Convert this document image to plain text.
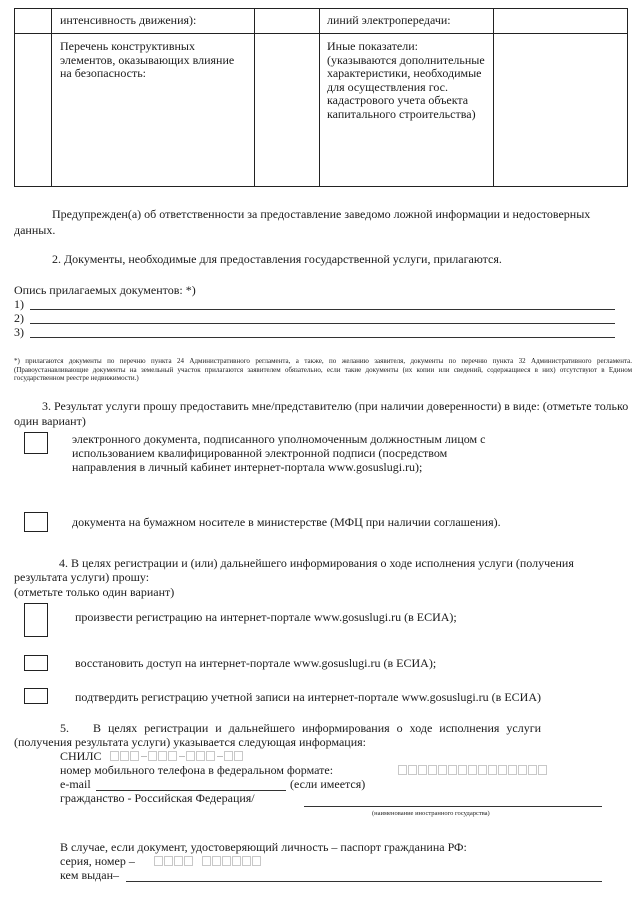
интенсивность движения):	линий электропередачи:
Перечень конструктивных элементов, оказывающих влияние на безопасность:
Иные показатели: (указываются дополнительные характеристики, необходимые для осуществления гос. кадастрового учета объекта капитального строительства)
Предупрежден(а) об ответственности за предоставление заведомо ложной информации и недостоверных данных.
2. Документы, необходимые для предоставления государственной услуги, прилагаются.
Опись прилагаемых документов: *)
1)
2)
3)
*) прилагаются документы по перечню пункта 24 Административного регламента, а также, по желанию заявителя, документы по перечню пункта 32 Административного регламента. (Правоустанавливающие документы на земельный участок прилагаются заявителем обязательно, если такие документы (их копии или сведений, содержащиеся в них) отсутствуют в Едином государственном реестре недвижимости.)
3. Результат услуги прошу предоставить мне/представителю (при наличии доверенности) в виде: (отметьте только один вариант)
электронного документа, подписанного уполномоченным должностным лицом с использованием квалифицированной электронной подписи (посредством направления в личный кабинет интернет-портала www.gosuslugi.ru);
документа на бумажном носителе в министерстве (МФЦ при наличии соглашения).
4. В целях регистрации и (или) дальнейшего информирования о ходе исполнения услуги (получения результата услуги) прошу:
(отметьте только один вариант)
произвести регистрацию на интернет-портале www.gosuslugi.ru (в ЕСИА);
восстановить доступ на интернет-портале www.gosuslugi.ru (в ЕСИА);
подтвердить регистрацию учетной записи на интернет-портале www.gosuslugi.ru (в ЕСИА)
5. В целях регистрации и дальнейшего информирования о ходе исполнения услуги
(получения результата услуги) указывается следующая информация:
СНИЛС
номер мобильного телефона в федеральном формате:
e-mail	(если имеется)
гражданство - Российская Федерация/
(наименование иностранного государства)
В случае, если документ, удостоверяющий личность – паспорт гражданина РФ:
серия, номер –
кем выдан–
